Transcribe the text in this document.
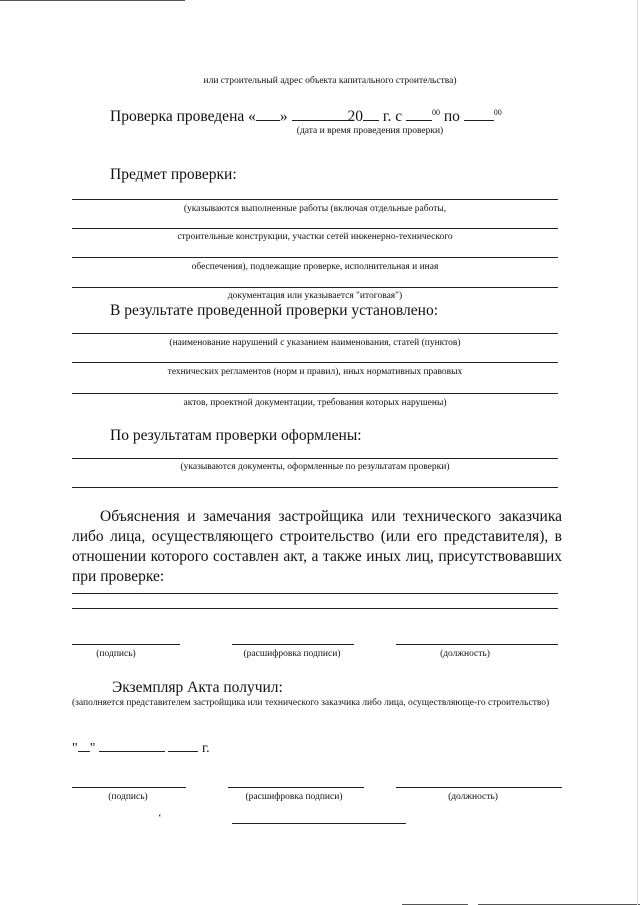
или строительный адрес объекта капитального строительства)
Проверка проведена « »	20 г. с	$^{00}$ по	$^{00}$
(дата и время проведения проверки)
Предмет проверки:
(указываются выполненные работы (включая отдельные работы,
строительные конструкции, участки сетей инженерно-технического
обеспечения), подлежащие проверке, исполнительная и иная
документация или указывается "итоговая")
В результате проведенной проверки установлено:
(наименование нарушений с указанием наименования, статей (пунктов)
технических регламентов (норм и правил), иных нормативных правовых
актов, проектной документации, требования которых нарушены)
По результатам проверки оформлены:
(указываются документы, оформленные по результатам проверки)
Объяснения и замечания застройщика или технического заказчика либо лица, осуществляющего строительство (или его представителя), в отношении которого составлен акт, а также иных лиц, присутствовавших при проверке:
(подпись)	(расшифровка подписи)	(должность)
Экземпляр Акта получил:
(заполняется представителем застройщика или технического заказчика либо лица, осуществляюще-го строительство)
" "	г.
(подпись)	(расшифровка подписи)	(должность)
‘
